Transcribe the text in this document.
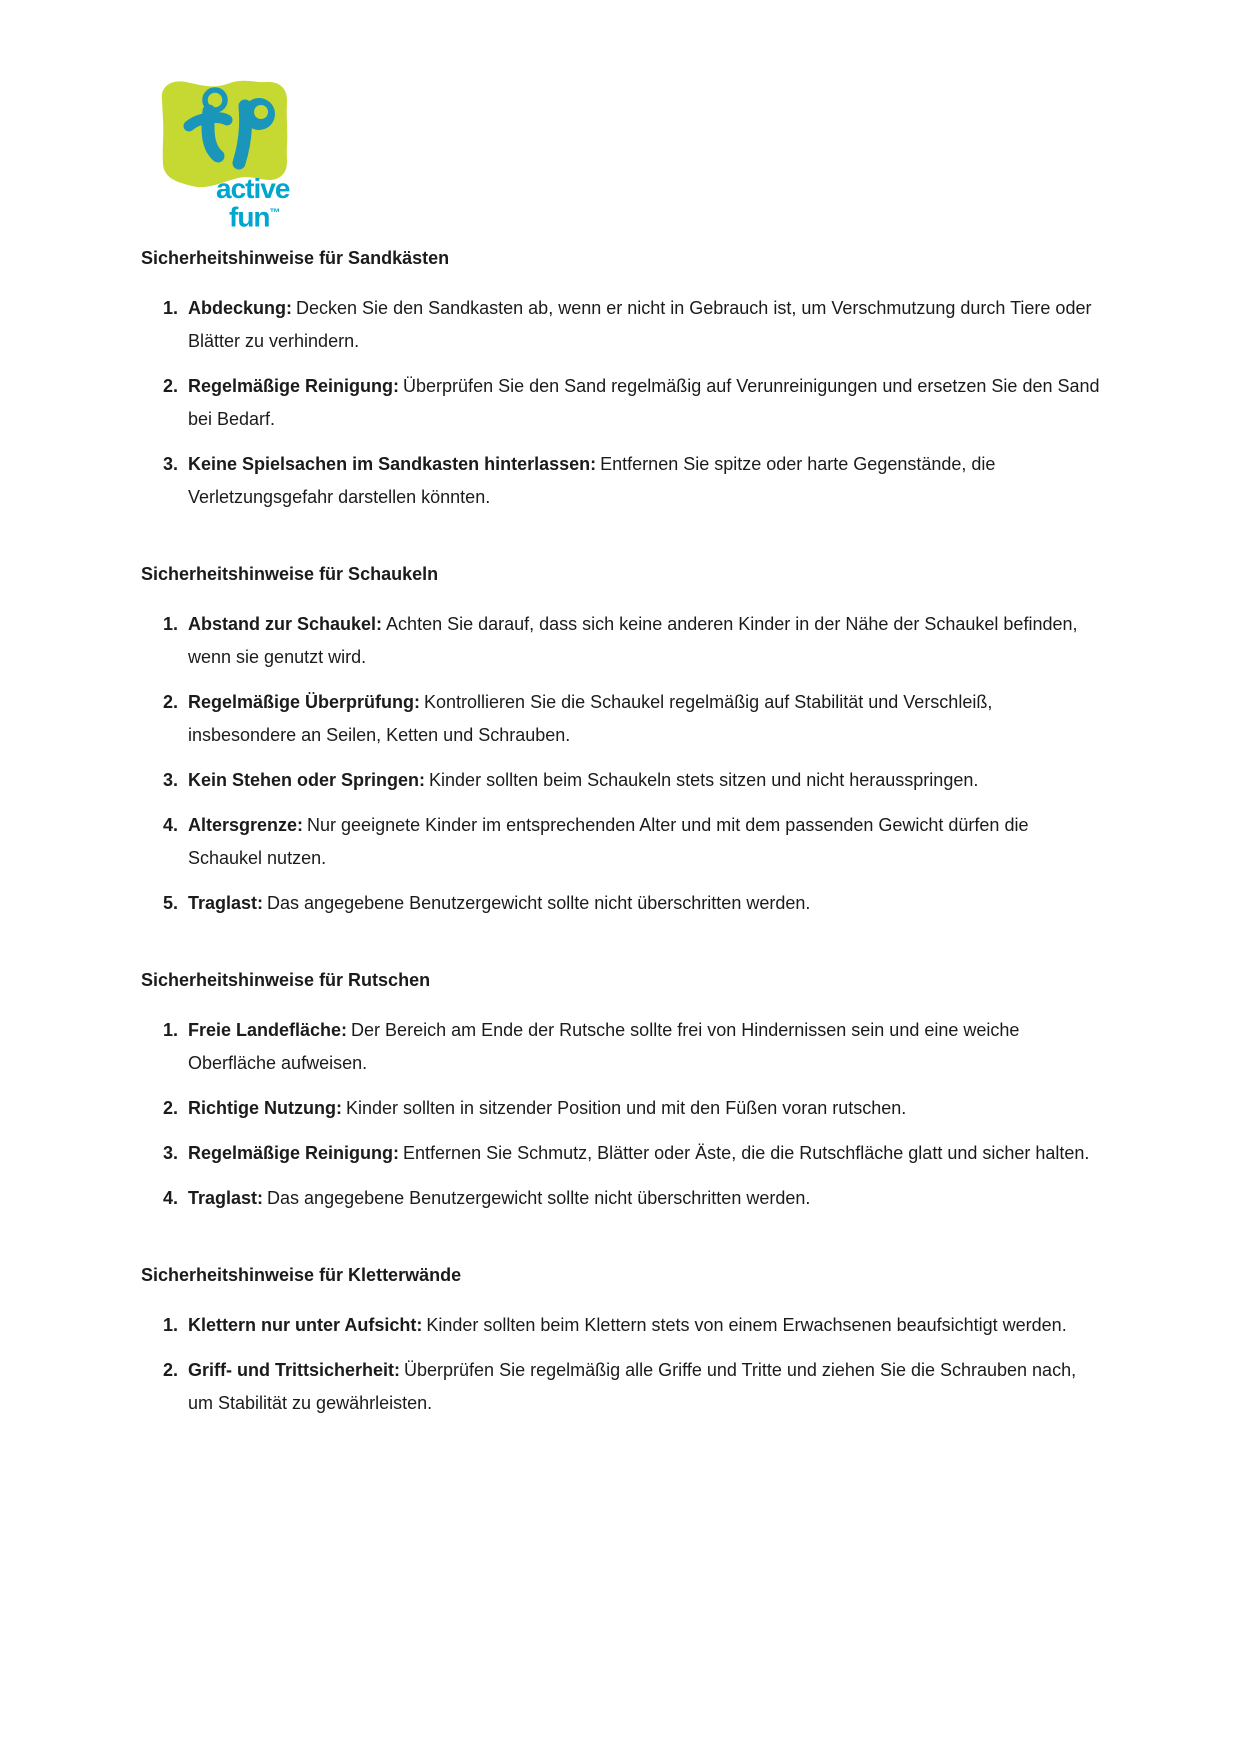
active
fun™
Sicherheitshinweise für Sandkästen
1. Abdeckung: Decken Sie den Sandkasten ab, wenn er nicht in Gebrauch ist, um Verschmutzung durch Tiere oder Blätter zu verhindern.
2. Regelmäßige Reinigung: Überprüfen Sie den Sand regelmäßig auf Verunreinigungen und ersetzen Sie den Sand bei Bedarf.
3. Keine Spielsachen im Sandkasten hinterlassen: Entfernen Sie spitze oder harte Gegenstände, die Verletzungsgefahr darstellen könnten.
Sicherheitshinweise für Schaukeln
1. Abstand zur Schaukel: Achten Sie darauf, dass sich keine anderen Kinder in der Nähe der Schaukel befinden, wenn sie genutzt wird.
2. Regelmäßige Überprüfung: Kontrollieren Sie die Schaukel regelmäßig auf Stabilität und Verschleiß, insbesondere an Seilen, Ketten und Schrauben.
3. Kein Stehen oder Springen: Kinder sollten beim Schaukeln stets sitzen und nicht herausspringen.
4. Altersgrenze: Nur geeignete Kinder im entsprechenden Alter und mit dem passenden Gewicht dürfen die Schaukel nutzen.
5. Traglast: Das angegebene Benutzergewicht sollte nicht überschritten werden.
Sicherheitshinweise für Rutschen
1. Freie Landefläche: Der Bereich am Ende der Rutsche sollte frei von Hindernissen sein und eine weiche Oberfläche aufweisen.
2. Richtige Nutzung: Kinder sollten in sitzender Position und mit den Füßen voran rutschen.
3. Regelmäßige Reinigung: Entfernen Sie Schmutz, Blätter oder Äste, die die Rutschfläche glatt und sicher halten.
4. Traglast: Das angegebene Benutzergewicht sollte nicht überschritten werden.
Sicherheitshinweise für Kletterwände
1. Klettern nur unter Aufsicht: Kinder sollten beim Klettern stets von einem Erwachsenen beaufsichtigt werden.
2. Griff- und Trittsicherheit: Überprüfen Sie regelmäßig alle Griffe und Tritte und ziehen Sie die Schrauben nach, um Stabilität zu gewährleisten.
